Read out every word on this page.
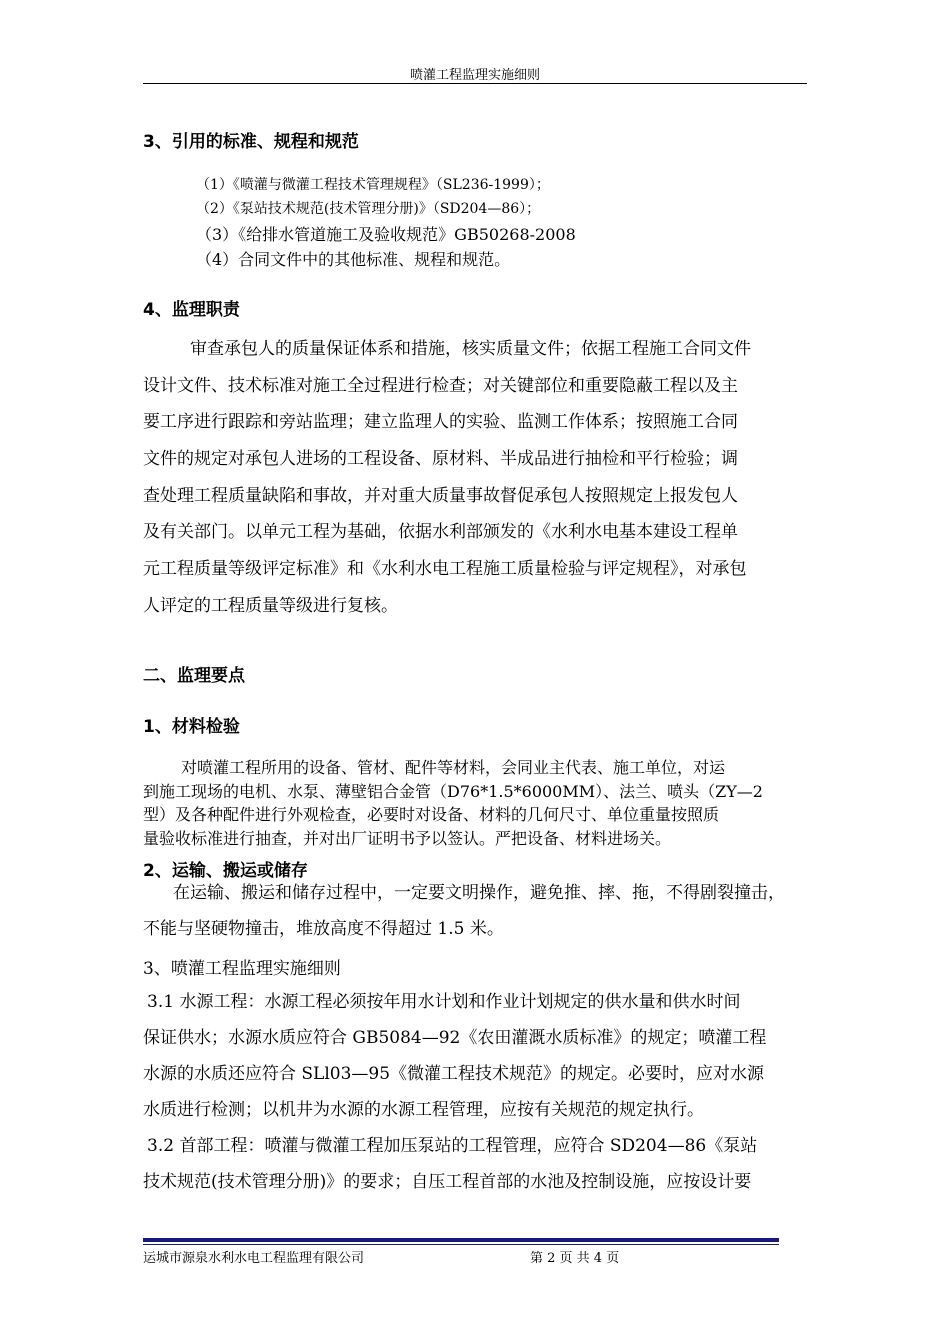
喷灌工程监理实施细则
3、引用的标准、规程和规范
（1）《喷灌与微灌工程技术管理规程》（SL236-1999）；
（2）《泵站技术规范(技术管理分册)》（SD204—86）；
（3）《给排水管道施工及验收规范》GB50268-2008
（4）合同文件中的其他标准、规程和规范。
4、监理职责
审查承包人的质量保证体系和措施，核实质量文件；依据工程施工合同文件
设计文件、技术标准对施工全过程进行检查；对关键部位和重要隐蔽工程以及主
要工序进行跟踪和旁站监理；建立监理人的实验、监测工作体系；按照施工合同
文件的规定对承包人进场的工程设备、原材料、半成品进行抽检和平行检验；调
查处理工程质量缺陷和事故，并对重大质量事故督促承包人按照规定上报发包人
及有关部门。以单元工程为基础，依据水利部颁发的《水利水电基本建设工程单
元工程质量等级评定标准》和《水利水电工程施工质量检验与评定规程》，对承包
人评定的工程质量等级进行复核。
二、监理要点
1、材料检验
对喷灌工程所用的设备、管材、配件等材料，会同业主代表、施工单位，对运
到施工现场的电机、水泵、薄壁铝合金管（D76*1.5*6000MM）、法兰、喷头（ZY—2
型）及各种配件进行外观检查，必要时对设备、材料的几何尺寸、单位重量按照质
量验收标准进行抽查，并对出厂证明书予以签认。严把设备、材料进场关。
2、运输、搬运或储存
在运输、搬运和储存过程中，一定要文明操作，避免推、摔、拖，不得剧裂撞击，
不能与坚硬物撞击，堆放高度不得超过 1.5 米。
3、喷灌工程监理实施细则
3.1 水源工程：水源工程必须按年用水计划和作业计划规定的供水量和供水时间
保证供水；水源水质应符合 GB5084—92《农田灌溉水质标准》的规定；喷灌工程
水源的水质还应符合 SLl03—95《微灌工程技术规范》的规定。必要时，应对水源
水质进行检测；以机井为水源的水源工程管理，应按有关规范的规定执行。
3.2 首部工程：喷灌与微灌工程加压泵站的工程管理，应符合 SD204—86《泵站
技术规范(技术管理分册)》的要求；自压工程首部的水池及控制设施，应按设计要
运城市源泉水利水电工程监理有限公司	第 2 页 共 4 页
